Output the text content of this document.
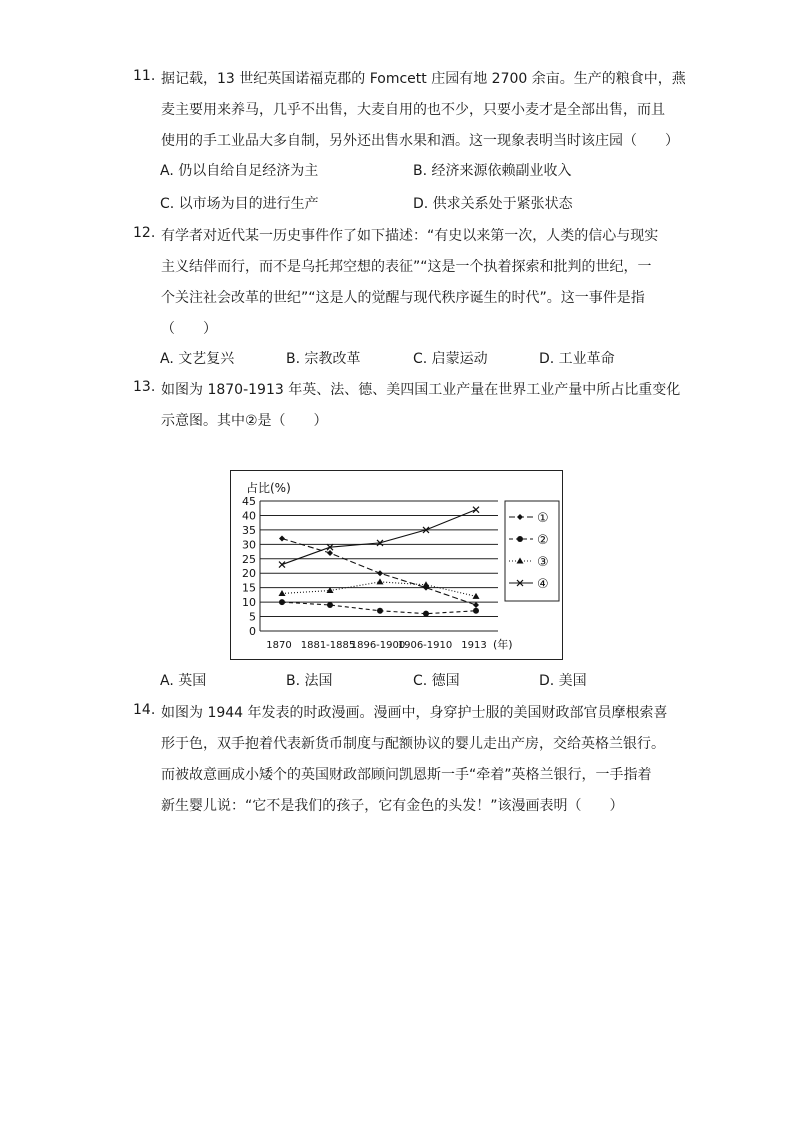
11. 据记载，13 世纪英国诺福克郡的 Fomcett 庄园有地 2700 余亩。生产的粮食中，燕
麦主要用来养马，几乎不出售，大麦自用的也不少，只要小麦才是全部出售，而且
使用的手工业品大多自制，另外还出售水果和酒。这一现象表明当时该庄园（　　）
A. 仍以自给自足经济为主	B. 经济来源依赖副业收入
C. 以市场为目的进行生产	D. 供求关系处于紧张状态
12. 有学者对近代某一历史事件作了如下描述：“有史以来第一次，人类的信心与现实
主义结伴而行，而不是乌托邦空想的表征”“这是一个执着探索和批判的世纪，一
个关注社会改革的世纪”“这是人的觉醒与现代秩序诞生的时代”。这一事件是指
（　　）
A. 文艺复兴	B. 宗教改革	C. 启蒙运动	D. 工业革命
13. 如图为 1870-1913 年英、法、德、美四国工业产量在世界工业产量中所占比重变化
示意图。其中②是（　　）
A. 英国	B. 法国	C. 德国	D. 美国
14. 如图为 1944 年发表的时政漫画。漫画中，身穿护士服的美国财政部官员摩根索喜
形于色，双手抱着代表新货币制度与配额协议的婴儿走出产房，交给英格兰银行。
而被故意画成小矮个的英国财政部顾问凯恩斯一手“牵着”英格兰银行，一手指着
新生婴儿说：“它不是我们的孩子，它有金色的头发！”该漫画表明（　　）
占比(%)
0
5
10
15
20
25
30
35
40
45
1870 1881-1885
1896-1900
1906-1910 1913 (年)
①
②
③
④
